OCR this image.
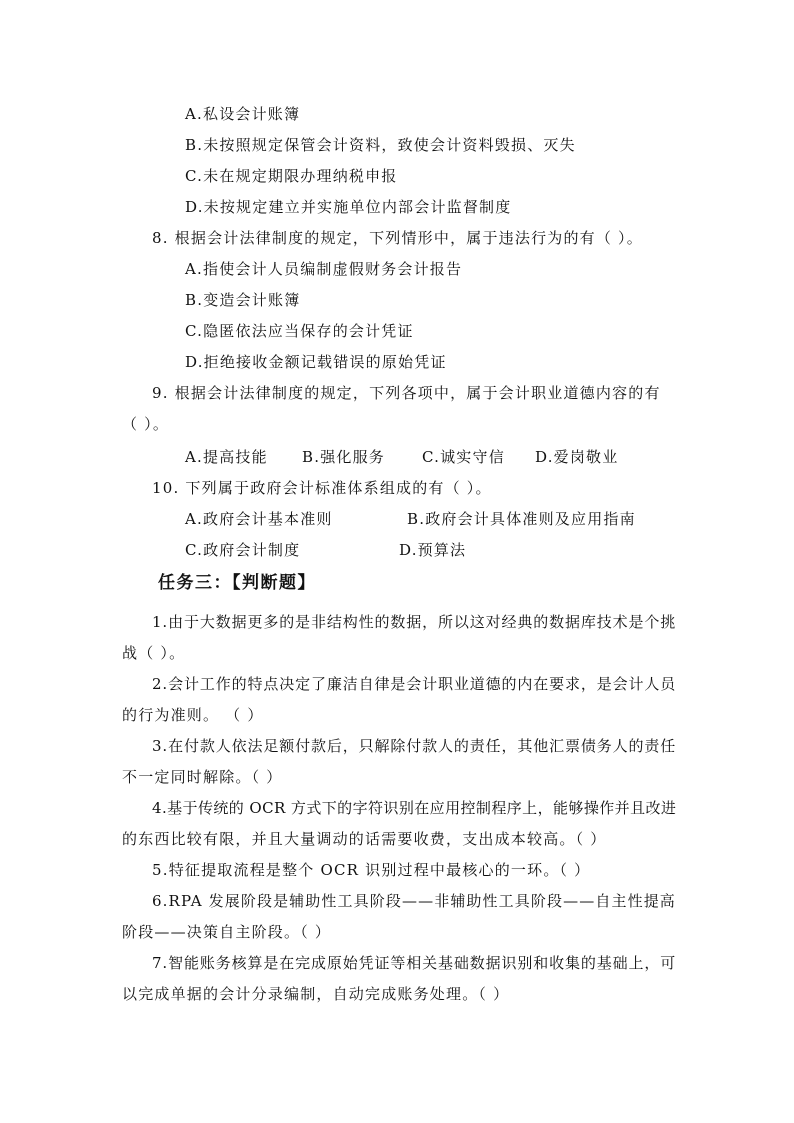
A.私设会计账簿
B.未按照规定保管会计资料，致使会计资料毁损、灭失
C.未在规定期限办理纳税申报
D.未按规定建立并实施单位内部会计监督制度
8. 根据会计法律制度的规定，下列情形中，属于违法行为的有（ ）。
A.指使会计人员编制虚假财务会计报告
B.变造会计账簿
C.隐匿依法应当保存的会计凭证
D.拒绝接收金额记载错误的原始凭证
9. 根据会计法律制度的规定，下列各项中，属于会计职业道德内容的有
（ ）。
A.提高技能 B.强化服务 C.诚实守信 D.爱岗敬业
10. 下列属于政府会计标准体系组成的有（ ）。
A.政府会计基本准则	B.政府会计具体准则及应用指南
C.政府会计制度	D.预算法
任务三：【判断题】
1.由于大数据更多的是非结构性的数据，所以这对经典的数据库技术是个挑
战（ ）。
2.会计工作的特点决定了廉洁自律是会计职业道德的内在要求，是会计人员
的行为准则。 （ ）
3.在付款人依法足额付款后，只解除付款人的责任，其他汇票债务人的责任
不一定同时解除。（ ）
4.基于传统的 OCR 方式下的字符识别在应用控制程序上，能够操作并且改进
的东西比较有限，并且大量调动的话需要收费，支出成本较高。（ ）
5.特征提取流程是整个 OCR 识别过程中最核心的一环。（ ）
6.RPA 发展阶段是辅助性工具阶段——非辅助性工具阶段——自主性提高
阶段——决策自主阶段。（ ）
7.智能账务核算是在完成原始凭证等相关基础数据识别和收集的基础上，可
以完成单据的会计分录编制，自动完成账务处理。（ ）
